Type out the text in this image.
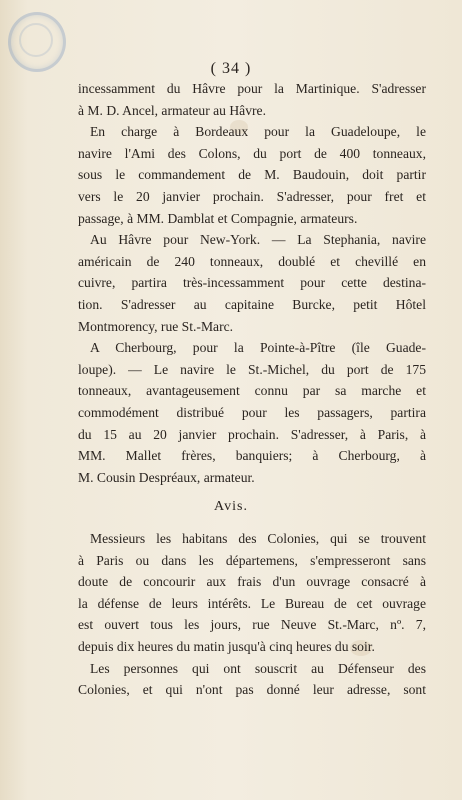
( 34 )
incessamment du Hâvre pour la Martinique. S'adresser
à M. D. Ancel, armateur au Hâvre.
En charge à Bordeaux pour la Guadeloupe, le
navire l'Ami des Colons, du port de 400 tonneaux,
sous le commandement de M. Baudouin, doit partir
vers le 20 janvier prochain. S'adresser, pour fret et
passage, à MM. Damblat et Compagnie, armateurs.
Au Hâvre pour New-York. — La Stephania, navire
américain de 240 tonneaux, doublé et chevillé en
cuivre, partira très-incessamment pour cette destina-
tion. S'adresser au capitaine Burcke, petit Hôtel
Montmorency, rue St.-Marc.
A Cherbourg, pour la Pointe-à-Pître (île Guade-
loupe). — Le navire le St.-Michel, du port de 175
tonneaux, avantageusement connu par sa marche et
commodément distribué pour les passagers, partira
du 15 au 20 janvier prochain. S'adresser, à Paris, à
MM. Mallet frères, banquiers; à Cherbourg, à
M. Cousin Despréaux, armateur.
Avis.
Messieurs les habitans des Colonies, qui se trouvent
à Paris ou dans les départemens, s'empresseront sans
doute de concourir aux frais d'un ouvrage consacré à
la défense de leurs intérêts. Le Bureau de cet ouvrage
est ouvert tous les jours, rue Neuve St.-Marc, nº. 7,
depuis dix heures du matin jusqu'à cinq heures du soir.
Les personnes qui ont souscrit au Défenseur des
Colonies, et qui n'ont pas donné leur adresse, sont
